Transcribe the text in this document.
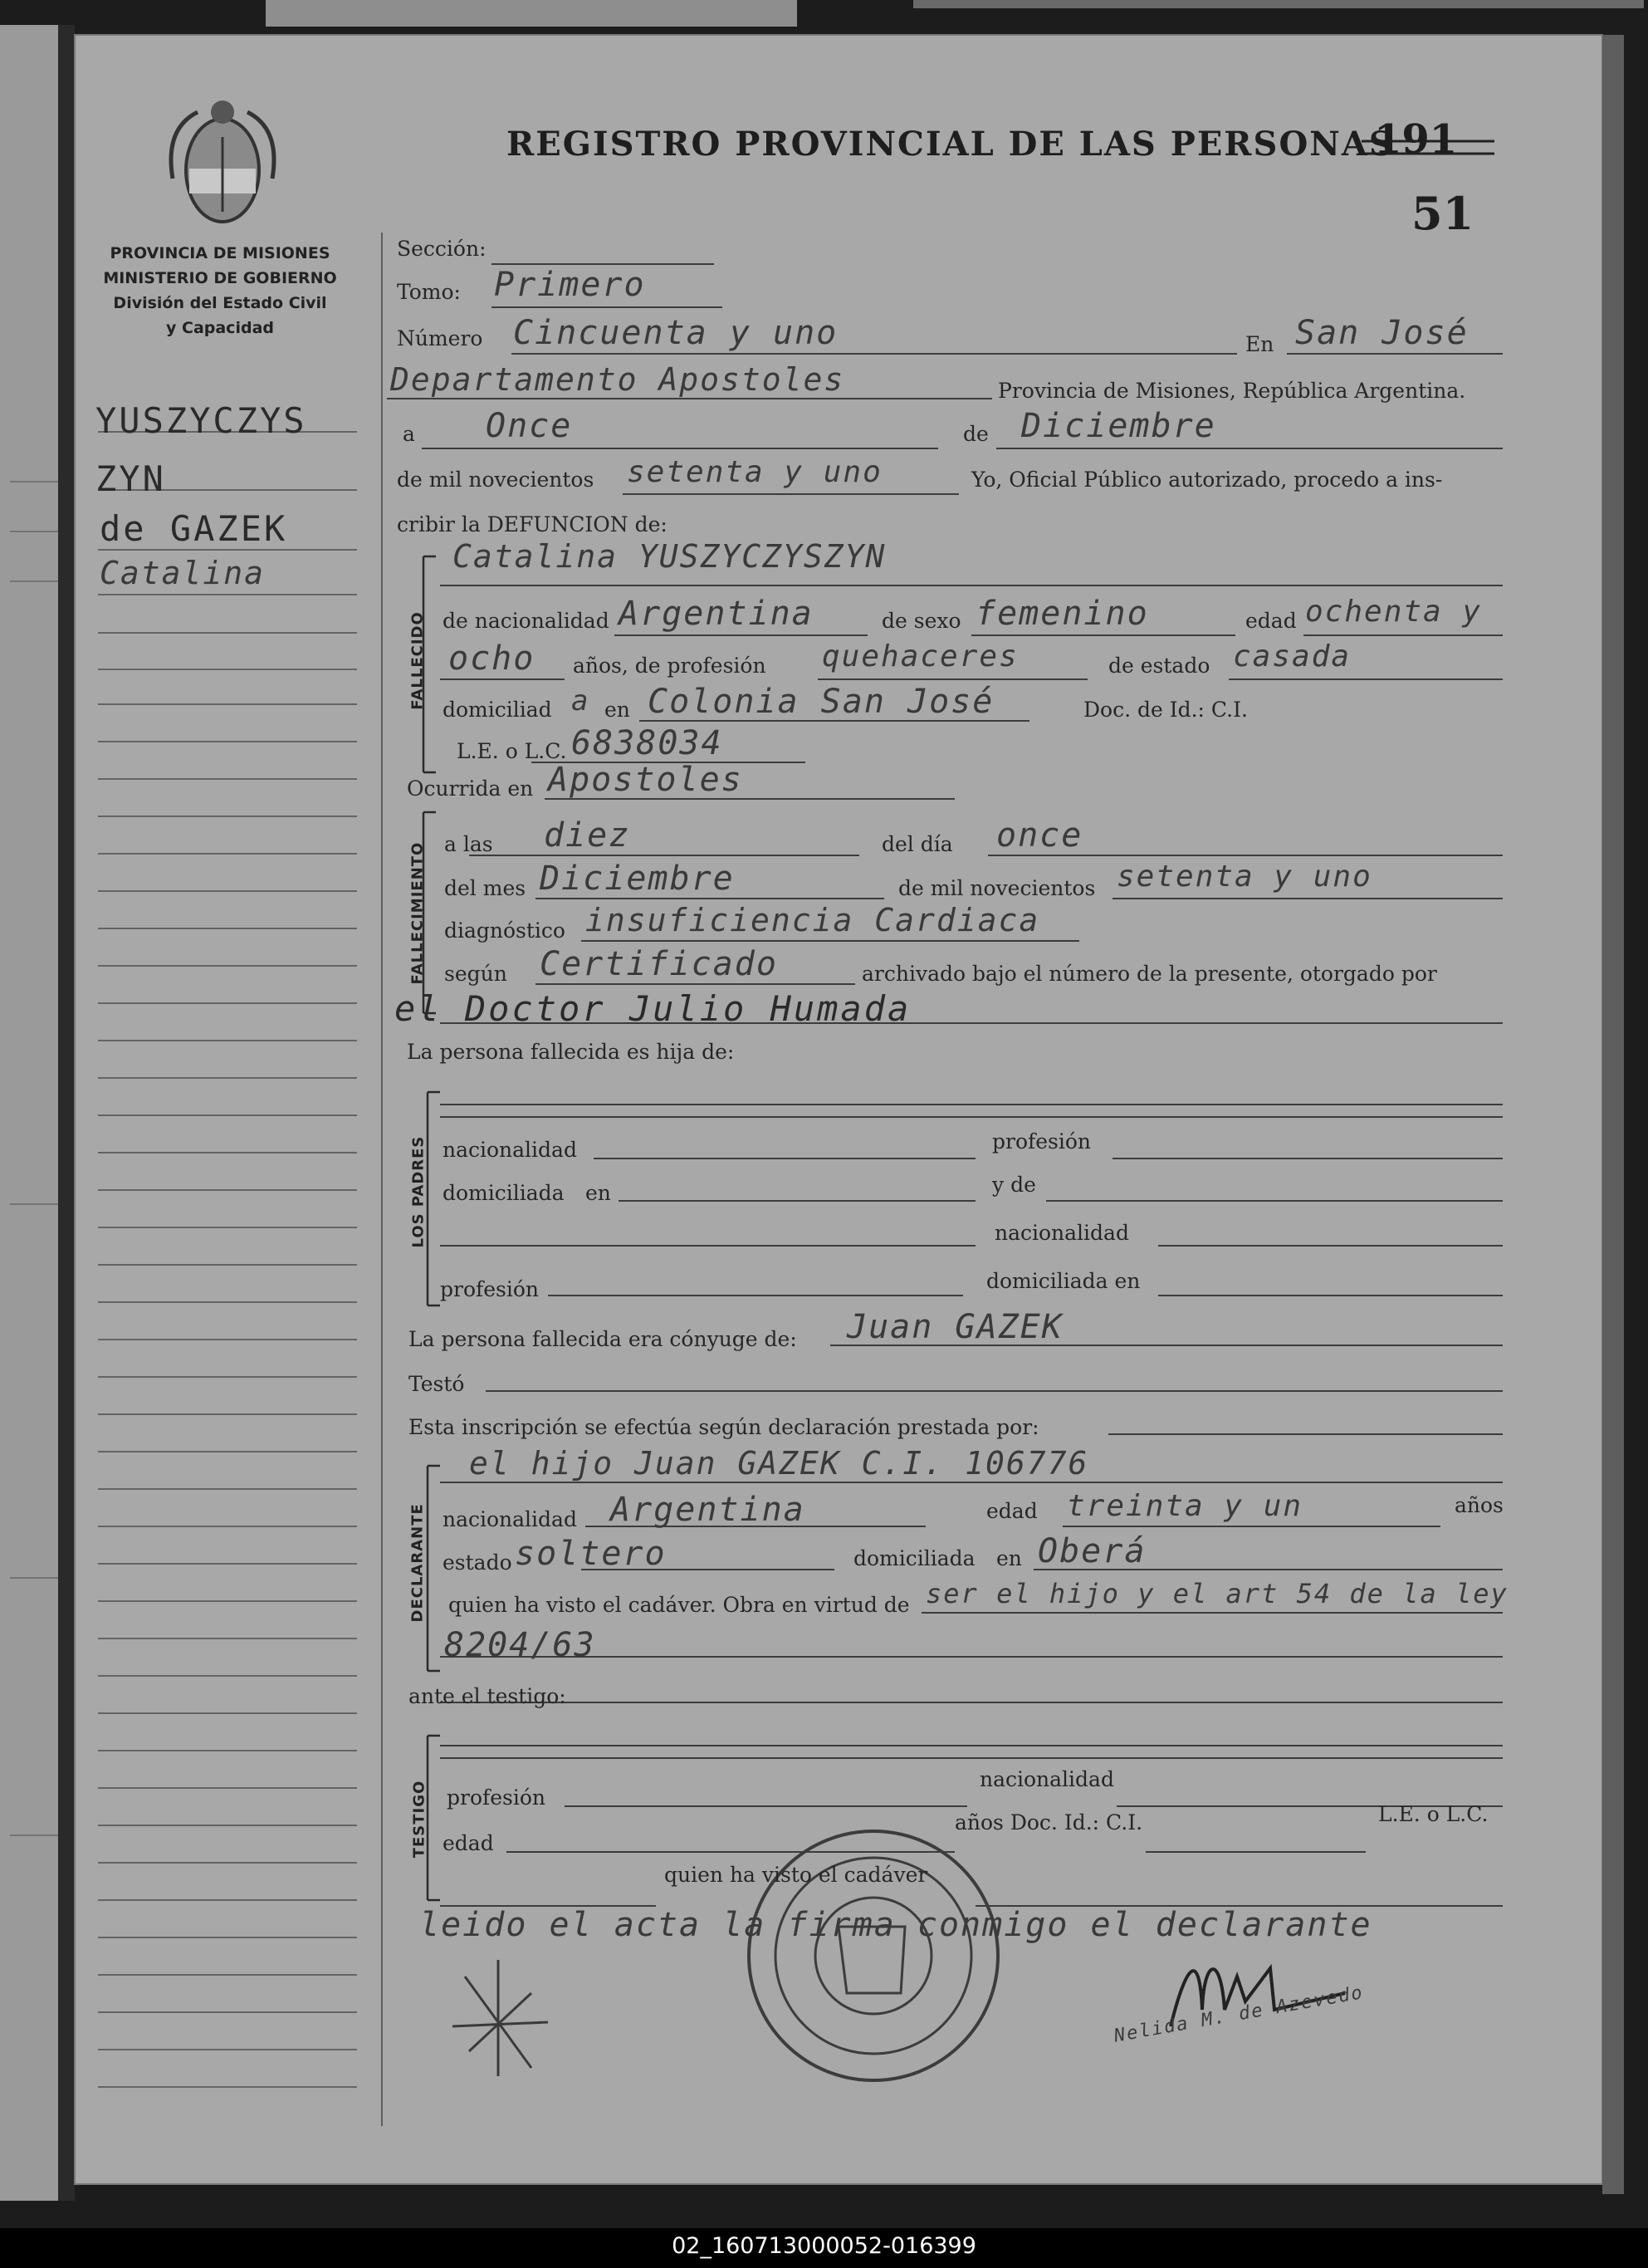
REGISTRO PROVINCIAL DE LAS PERSONAS
191
51
PROVINCIA DE MISIONES
MINISTERIO DE GOBIERNO
División del Estado Civil
y Capacidad
YUSZYCZYS
ZYN
de GAZEK
Catalina
FALLECIDO
FALLECIMIENTO
LOS PADRES
DECLARANTE
TESTIGO
Sección:
Tomo: Primero
Número Cincuenta y uno	En San José
Departamento Apostoles	Provincia de Misiones, República Argentina.
a Once	de Diciembre
de mil novecientos setenta y uno	Yo, Oficial Público autorizado, procedo a ins-
cribir la DEFUNCION de:
Catalina YUSZYCZYSZYN
de nacionalidad Argentina	de sexo femenino	edad ochenta y
ocho años, de profesión quehaceres	de estado casada
domiciliad a en Colonia San José	Doc. de Id.: C.I.
L.E. o L.C. 6838034
Ocurrida en Apostoles
a las diez	del día once
del mes Diciembre	de mil novecientos setenta y uno
diagnóstico insuficiencia Cardiaca
según Certificado	archivado bajo el número de la presente, otorgado por
el Doctor Julio Humada
La persona fallecida es hija de:
nacionalidad	profesión
domiciliada en	y de
nacionalidad
profesión	domiciliada en
La persona fallecida era cónyuge de: Juan GAZEK
Testó
Esta inscripción se efectúa según declaración prestada por:
el hijo Juan GAZEK C.I. 106776
nacionalidad Argentina	edad treinta y un	años
estado soltero	domiciliada en Oberá
quien ha visto el cadáver. Obra en virtud de ser el hijo y el art 54 de la ley
8204/63
ante el testigo:
profesión
nacionalidad
edad
años Doc. Id.: C.I.	L.E. o L.C.
quien ha visto el cadáver
leido el acta la firma conmigo el declarante
Nelida M. de Azevedo
02_160713000052-016399
